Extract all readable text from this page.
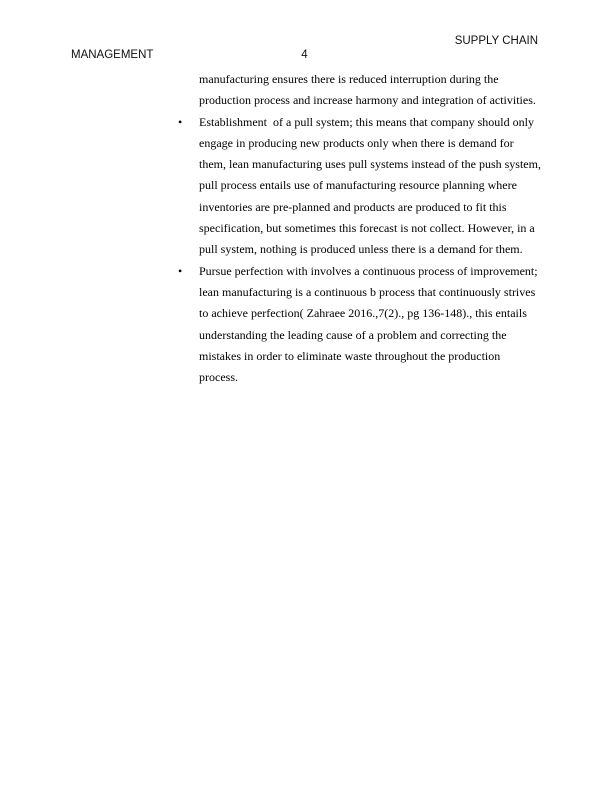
SUPPLY CHAIN
MANAGEMENT	4
manufacturing ensures there is reduced interruption during the
production process and increase harmony and integration of activities.
• Establishment  of a pull system; this means that company should only
engage in producing new products only when there is demand for
them, lean manufacturing uses pull systems instead of the push system,
pull process entails use of manufacturing resource planning where
inventories are pre-planned and products are produced to fit this
specification, but sometimes this forecast is not collect. However, in a
pull system, nothing is produced unless there is a demand for them.
• Pursue perfection with involves a continuous process of improvement;
lean manufacturing is a continuous b process that continuously strives
to achieve perfection( Zahraee 2016.,7(2)., pg 136-148)., this entails
understanding the leading cause of a problem and correcting the
mistakes in order to eliminate waste throughout the production
process.
